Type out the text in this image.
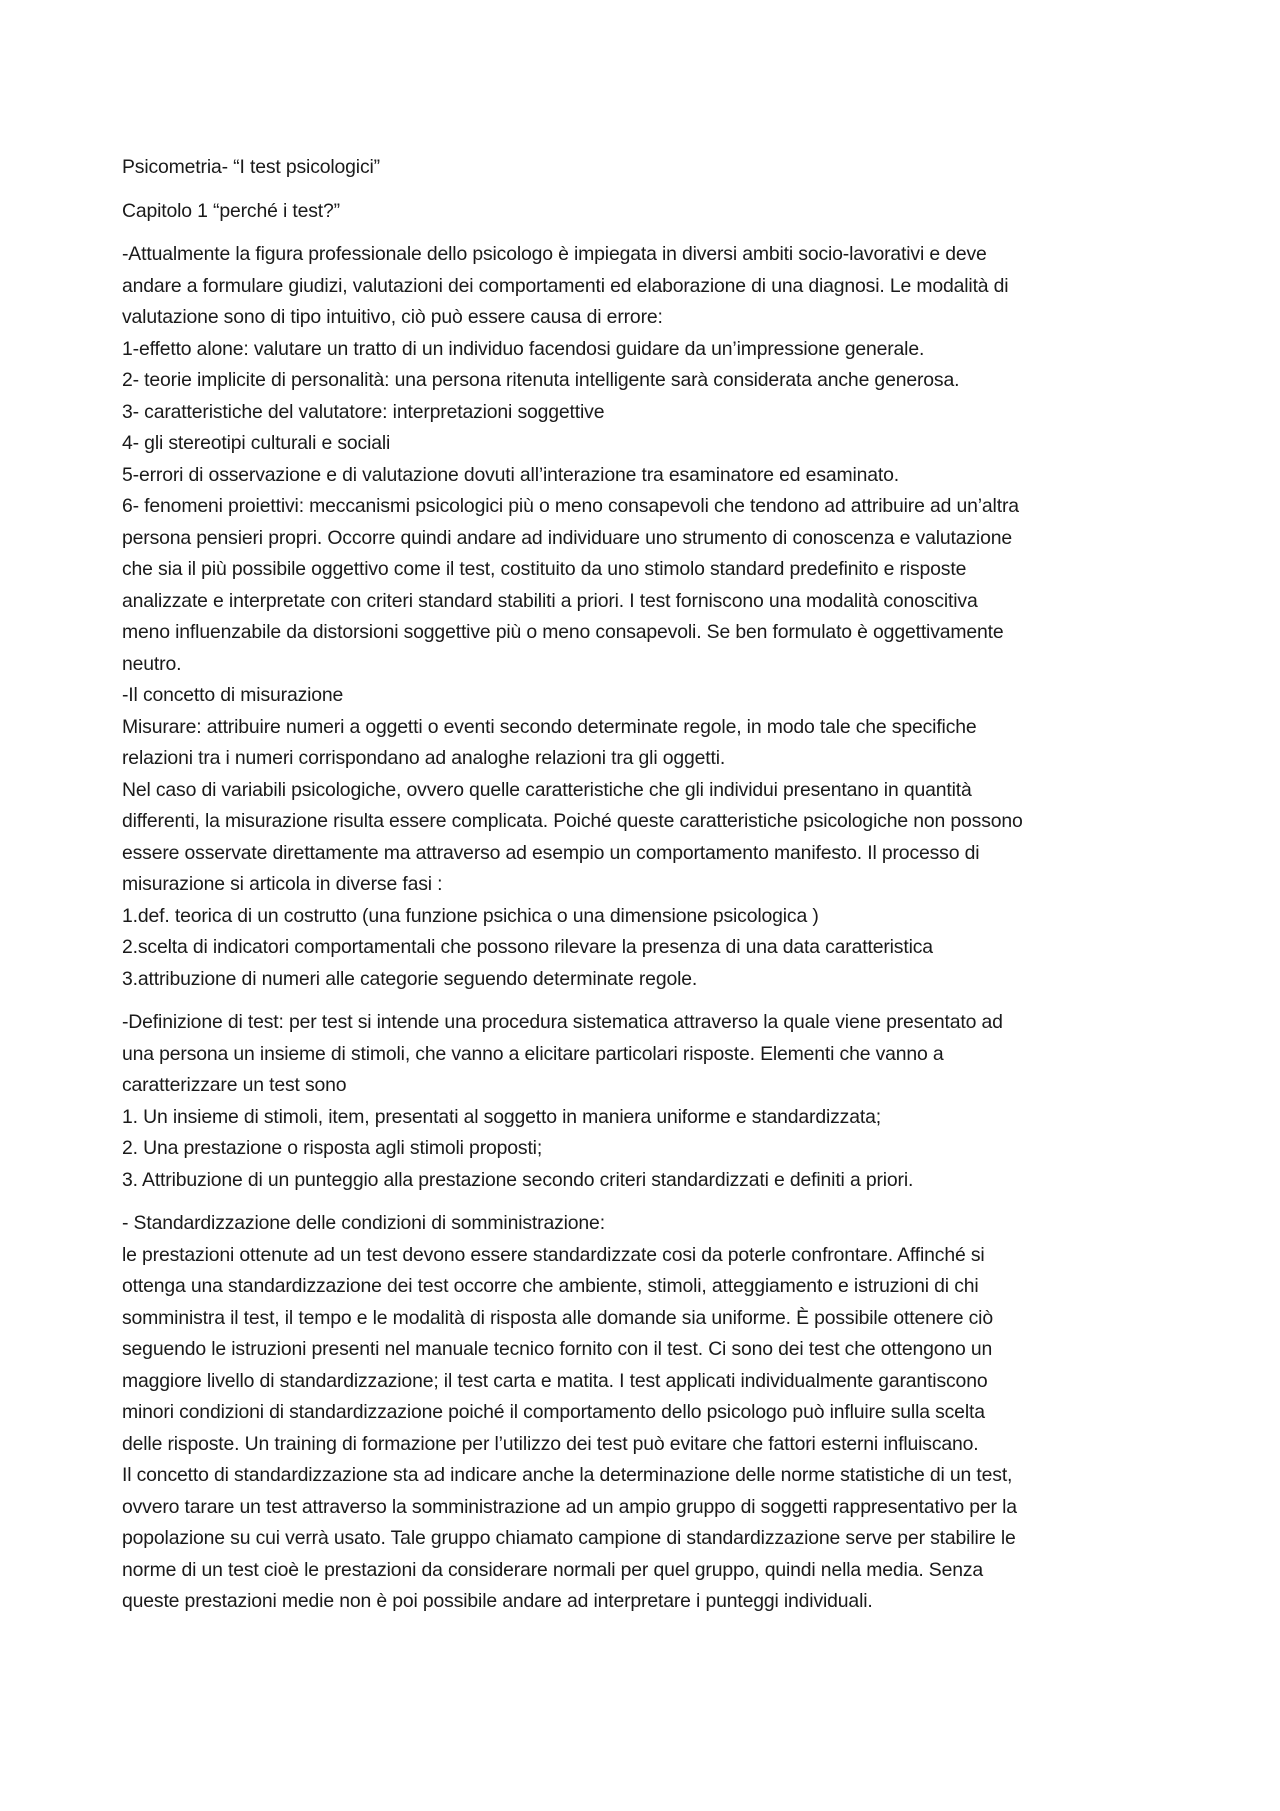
Psicometria- “I test psicologici”

Capitolo 1 “perché i test?”

-Attualmente la figura professionale dello psicologo è impiegata in diversi ambiti socio-lavorativi e deve
andare a formulare giudizi, valutazioni dei comportamenti ed elaborazione di una diagnosi. Le modalità di
valutazione sono di tipo intuitivo, ciò può essere causa di errore:
1-effetto alone: valutare un tratto di un individuo facendosi guidare da un’impressione generale.
2- teorie implicite di personalità: una persona ritenuta intelligente sarà considerata anche generosa.
3- caratteristiche del valutatore: interpretazioni soggettive
4- gli stereotipi culturali e sociali
5-errori di osservazione e di valutazione dovuti all’interazione tra esaminatore ed esaminato.
6- fenomeni proiettivi: meccanismi psicologici più o meno consapevoli che tendono ad attribuire ad un’altra
persona pensieri propri. Occorre quindi andare ad individuare uno strumento di conoscenza e valutazione
che sia il più possibile oggettivo come il test, costituito da uno stimolo standard predefinito e risposte
analizzate e interpretate con criteri standard stabiliti a priori. I test forniscono una modalità conoscitiva
meno influenzabile da distorsioni soggettive più o meno consapevoli. Se ben formulato è oggettivamente
neutro.
-Il concetto di misurazione
Misurare: attribuire numeri a oggetti o eventi secondo determinate regole, in modo tale che specifiche
relazioni tra i numeri corrispondano ad analoghe relazioni tra gli oggetti.
Nel caso di variabili psicologiche, ovvero quelle caratteristiche che gli individui presentano in quantità
differenti, la misurazione risulta essere complicata. Poiché queste caratteristiche psicologiche non possono
essere osservate direttamente ma attraverso ad esempio un comportamento manifesto. Il processo di
misurazione si articola in diverse fasi :
1.def. teorica di un costrutto (una funzione psichica o una dimensione psicologica )
2.scelta di indicatori comportamentali che possono rilevare la presenza di una data caratteristica
3.attribuzione di numeri alle categorie seguendo determinate regole.
-Definizione di test: per test si intende una procedura sistematica attraverso la quale viene presentato ad
una persona un insieme di stimoli, che vanno a elicitare particolari risposte. Elementi che vanno a
caratterizzare un test sono
1. Un insieme di stimoli, item, presentati al soggetto in maniera uniforme e standardizzata;
2. Una prestazione o risposta agli stimoli proposti;
3. Attribuzione di un punteggio alla prestazione secondo criteri standardizzati e definiti a priori.
- Standardizzazione delle condizioni di somministrazione:
le prestazioni ottenute ad un test devono essere standardizzate cosi da poterle confrontare. Affinché si
ottenga una standardizzazione dei test occorre che ambiente, stimoli, atteggiamento e istruzioni di chi
somministra il test, il tempo e le modalità di risposta alle domande sia uniforme. È possibile ottenere ciò
seguendo le istruzioni presenti nel manuale tecnico fornito con il test. Ci sono dei test che ottengono un
maggiore livello di standardizzazione; il test carta e matita. I test applicati individualmente garantiscono
minori condizioni di standardizzazione poiché il comportamento dello psicologo può influire sulla scelta
delle risposte. Un training di formazione per l’utilizzo dei test può evitare che fattori esterni influiscano.
Il concetto di standardizzazione sta ad indicare anche la determinazione delle norme statistiche di un test,
ovvero tarare un test attraverso la somministrazione ad un ampio gruppo di soggetti rappresentativo per la
popolazione su cui verrà usato. Tale gruppo chiamato campione di standardizzazione serve per stabilire le
norme di un test cioè le prestazioni da considerare normali per quel gruppo, quindi nella media. Senza
queste prestazioni medie non è poi possibile andare ad interpretare i punteggi individuali.
